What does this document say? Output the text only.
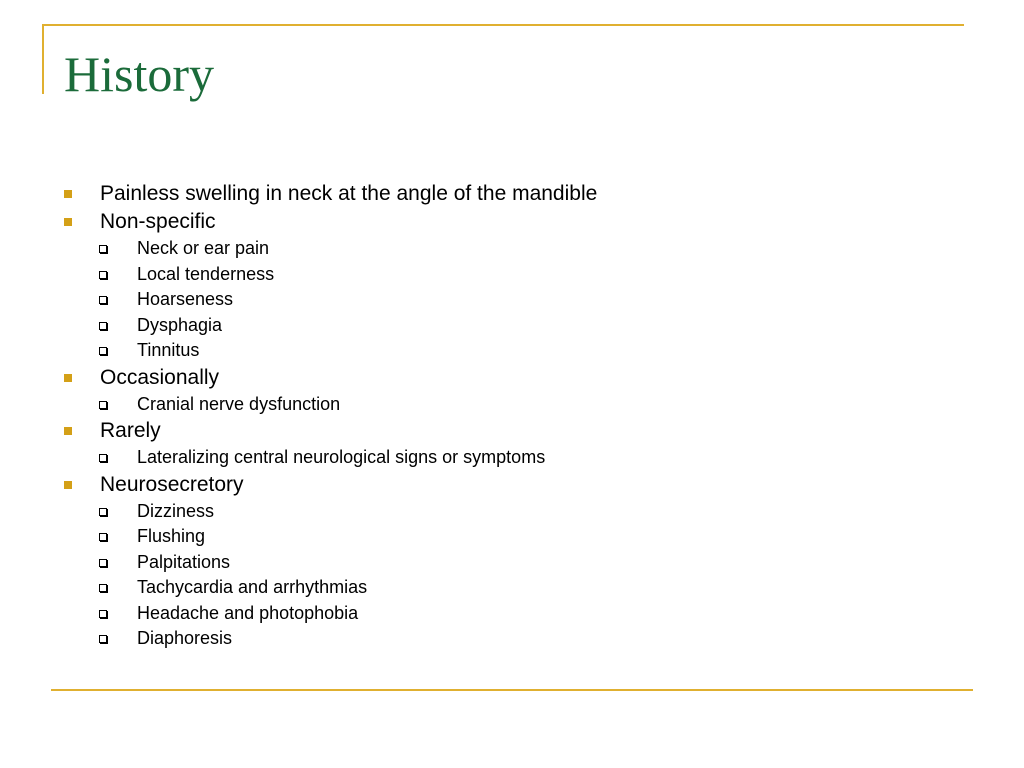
History
Painless swelling in neck at the angle of the mandible
Non-specific
Neck or ear pain
Local tenderness
Hoarseness
Dysphagia
Tinnitus
Occasionally
Cranial nerve dysfunction
Rarely
Lateralizing central neurological signs or symptoms
Neurosecretory
Dizziness
Flushing
Palpitations
Tachycardia and arrhythmias
Headache and photophobia
Diaphoresis
